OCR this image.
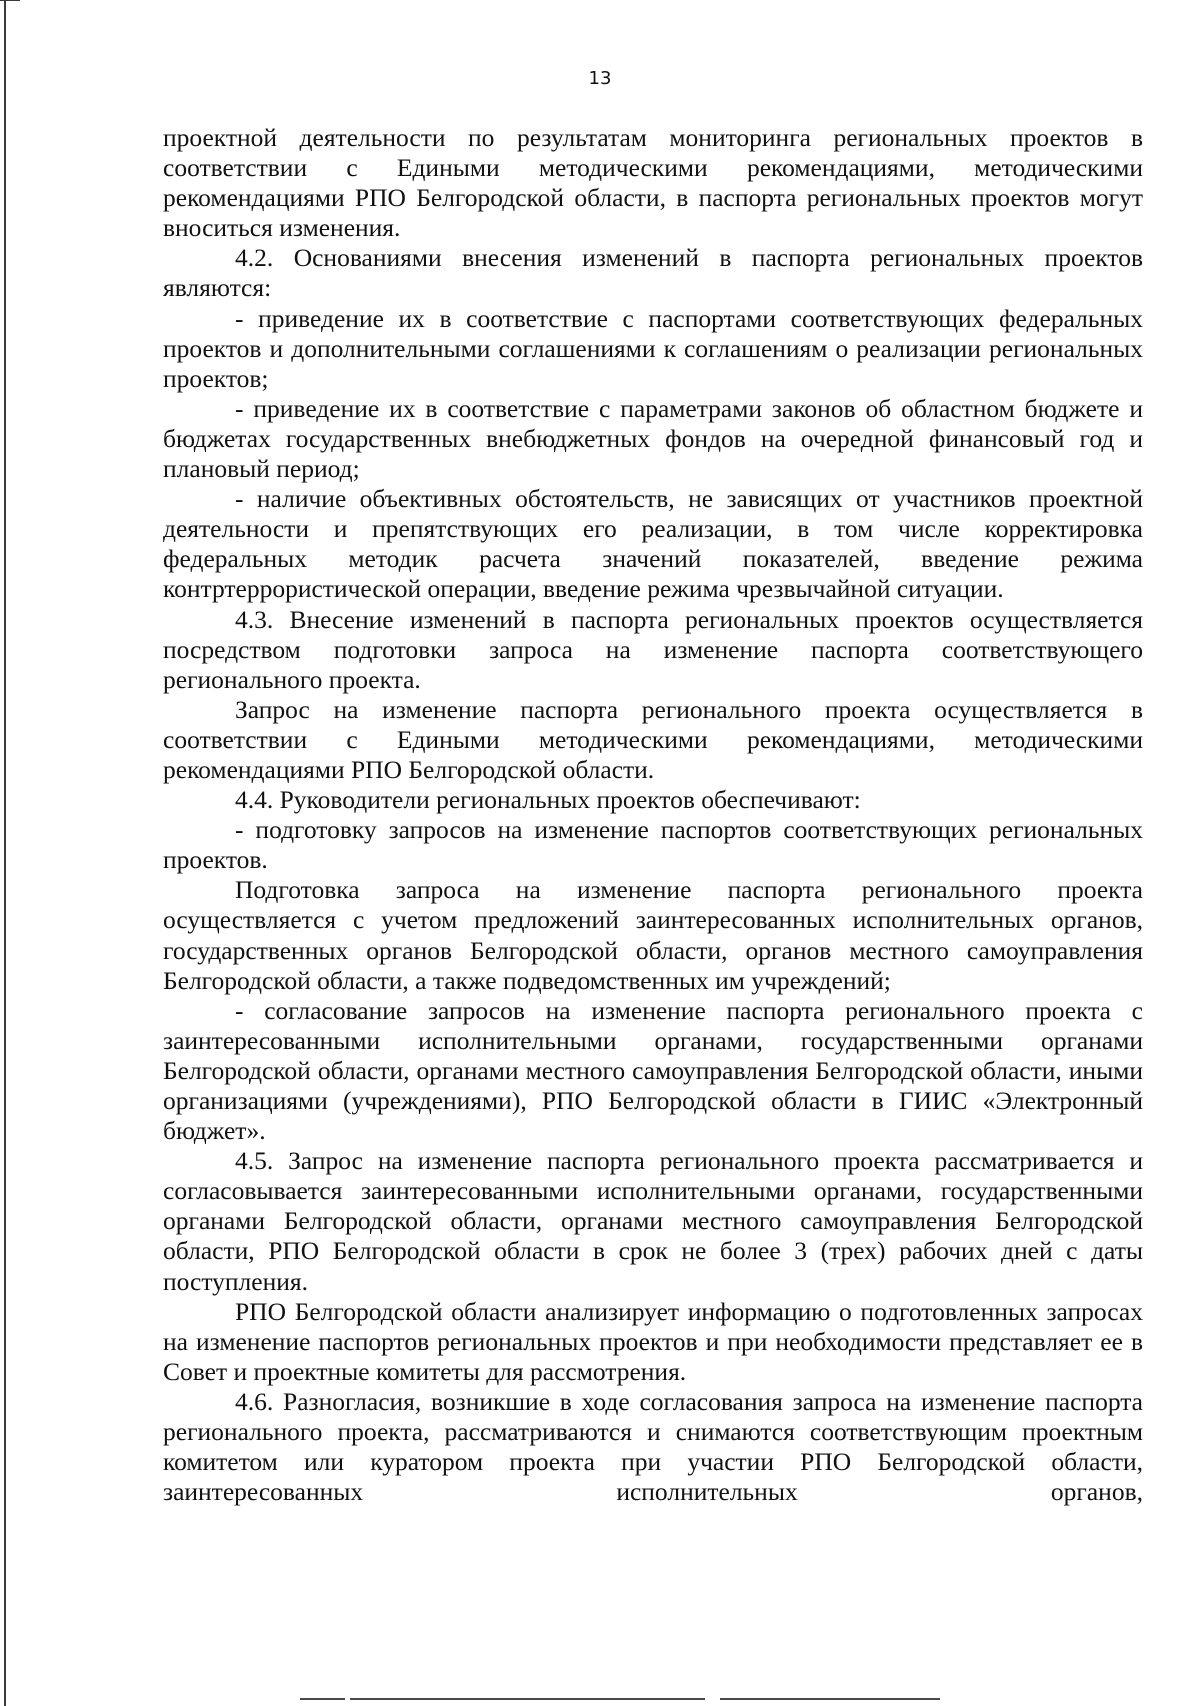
13

проектной деятельности по результатам мониторинга региональных проектов в соответствии с Едиными методическими рекомендациями, методическими рекомендациями РПО Белгородской области, в паспорта региональных проектов могут вноситься изменения.

4.2. Основаниями внесения изменений в паспорта региональных проектов являются:

- приведение их в соответствие с паспортами соответствующих федеральных проектов и дополнительными соглашениями к соглашениям о реализации региональных проектов;

- приведение их в соответствие с параметрами законов об областном бюджете и бюджетах государственных внебюджетных фондов на очередной финансовый год и плановый период;

- наличие объективных обстоятельств, не зависящих от участников проектной деятельности и препятствующих его реализации, в том числе корректировка федеральных методик расчета значений показателей, введение режима контртеррористической операции, введение режима чрезвычайной ситуации.

4.3. Внесение изменений в паспорта региональных проектов осуществляется посредством подготовки запроса на изменение паспорта соответствующего регионального проекта.

Запрос на изменение паспорта регионального проекта осуществляется в соответствии с Едиными методическими рекомендациями, методическими рекомендациями РПО Белгородской области.

4.4. Руководители региональных проектов обеспечивают:

- подготовку запросов на изменение паспортов соответствующих региональных проектов.

Подготовка запроса на изменение паспорта регионального проекта осуществляется с учетом предложений заинтересованных исполнительных органов, государственных органов Белгородской области, органов местного самоуправления Белгородской области, а также подведомственных им учреждений;

- согласование запросов на изменение паспорта регионального проекта с заинтересованными исполнительными органами, государственными органами Белгородской области, органами местного самоуправления Белгородской области, иными организациями (учреждениями), РПО Белгородской области в ГИИС «Электронный бюджет».

4.5. Запрос на изменение паспорта регионального проекта рассматривается и согласовывается заинтересованными исполнительными органами, государственными органами Белгородской области, органами местного самоуправления Белгородской области, РПО Белгородской области в срок не более 3 (трех) рабочих дней с даты поступления.

РПО Белгородской области анализирует информацию о подготовленных запросах на изменение паспортов региональных проектов и при необходимости представляет ее в Совет и проектные комитеты для рассмотрения.

4.6. Разногласия, возникшие в ходе согласования запроса на изменение паспорта регионального проекта, рассматриваются и снимаются соответствующим проектным комитетом или куратором проекта при участии РПО Белгородской области, заинтересованных исполнительных органов,
